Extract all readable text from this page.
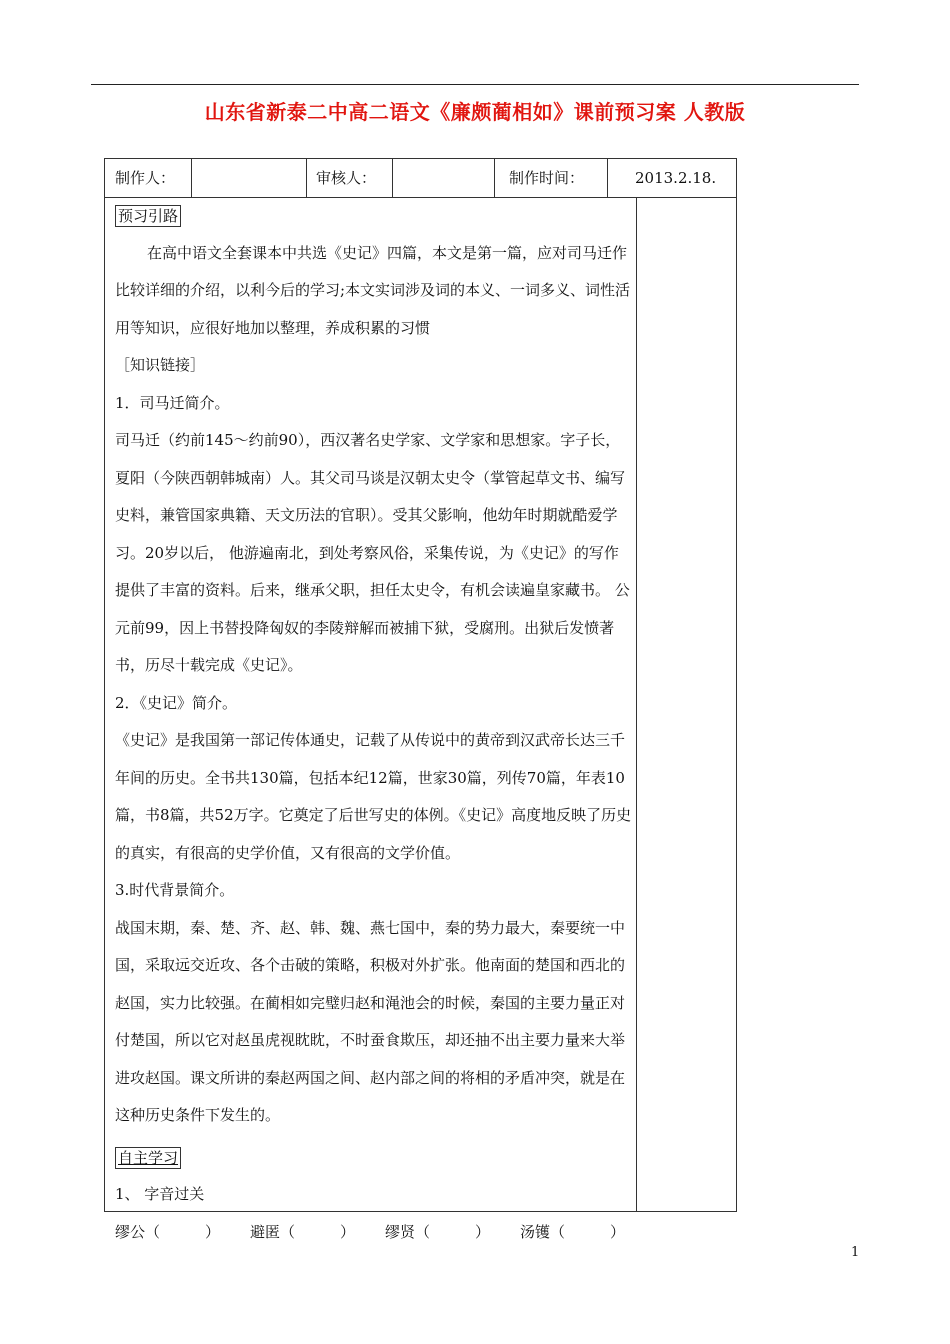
山东省新泰二中高二语文《廉颇蔺相如》课前预习案 人教版
制作人：	审核人：	制作时间：	2013.2.18.

预习引路

在高中语文全套课本中共选《史记》四篇，本文是第一篇，应对司马迁作比较详细的介绍，以利今后的学习;本文实词涉及词的本义、一词多义、词性活用等知识，应很好地加以整理，养成积累的习惯

［知识链接］

1．司马迁简介。

司马迁（约前145～约前90），西汉著名史学家、文学家和思想家。字子长，夏阳（今陕西朝韩城南）人。其父司马谈是汉朝太史令（掌管起草文书、编写史料，兼管国家典籍、天文历法的官职）。受其父影响，他幼年时期就酷爱学习。20岁以后， 他游遍南北，到处考察风俗，采集传说，为《史记》的写作提供了丰富的资料。后来，继承父职，担任太史令，有机会读遍皇家藏书。 公元前99，因上书替投降匈奴的李陵辩解而被捕下狱，受腐刑。出狱后发愤著书，历尽十载完成《史记》。

2．《史记》简介。

《史记》是我国第一部记传体通史，记载了从传说中的黄帝到汉武帝长达三千年间的历史。全书共130篇，包括本纪12篇，世家30篇，列传70篇，年表10篇，书8篇，共52万字。它奠定了后世写史的体例。《史记》高度地反映了历史的真实，有很高的史学价值，又有很高的文学价值。

3.时代背景简介。

战国末期，秦、楚、齐、赵、韩、魏、燕七国中，秦的势力最大，秦要统一中国，采取远交近攻、各个击破的策略，积极对外扩张。他南面的楚国和西北的赵国，实力比较强。在蔺相如完璧归赵和渑池会的时候，秦国的主要力量正对付楚国，所以它对赵虽虎视眈眈，不时蚕食欺压，却还抽不出主要力量来大举进攻赵国。课文所讲的秦赵两国之间、赵内部之间的将相的矛盾冲突，就是在这种历史条件下发生的。

自主学习

1、 字音过关

缪公（　　　） 避匿（　　　） 缪贤（　　　） 汤镬（　　　）
1
